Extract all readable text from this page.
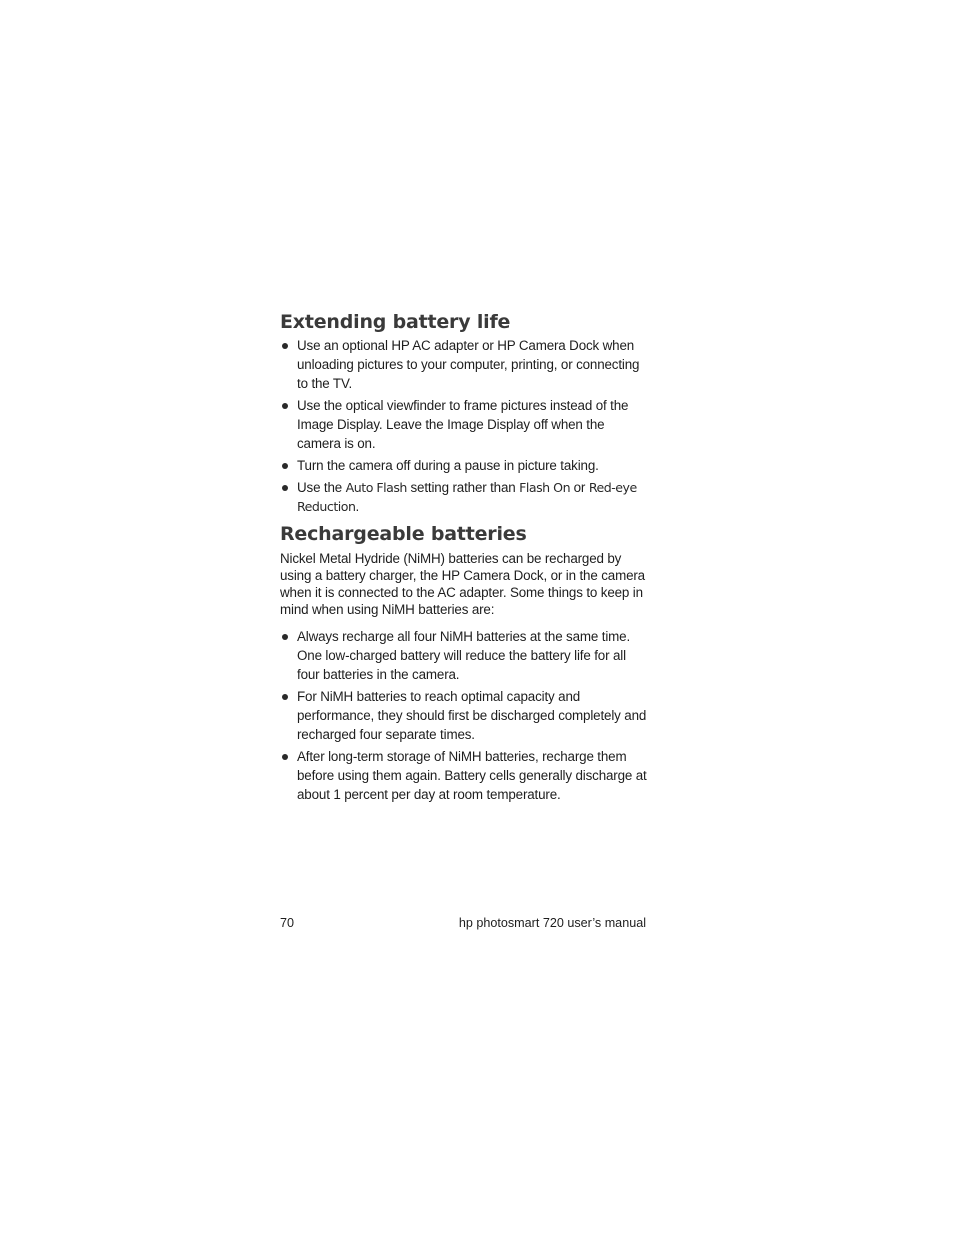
Extending battery life
Use an optional HP AC adapter or HP Camera Dock when unloading pictures to your computer, printing, or connecting to the TV.
Use the optical viewfinder to frame pictures instead of the Image Display. Leave the Image Display off when the camera is on.
Turn the camera off during a pause in picture taking.
Use the Auto Flash setting rather than Flash On or Red-eye Reduction.
Rechargeable batteries

Nickel Metal Hydride (NiMH) batteries can be recharged by using a battery charger, the HP Camera Dock, or in the camera when it is connected to the AC adapter. Some things to keep in mind when using NiMH batteries are:

Always recharge all four NiMH batteries at the same time. One low-charged battery will reduce the battery life for all four batteries in the camera.
For NiMH batteries to reach optimal capacity and performance, they should first be discharged completely and recharged four separate times.
After long-term storage of NiMH batteries, recharge them before using them again. Battery cells generally discharge at about 1 percent per day at room temperature.
70	hp photosmart 720 user’s manual
